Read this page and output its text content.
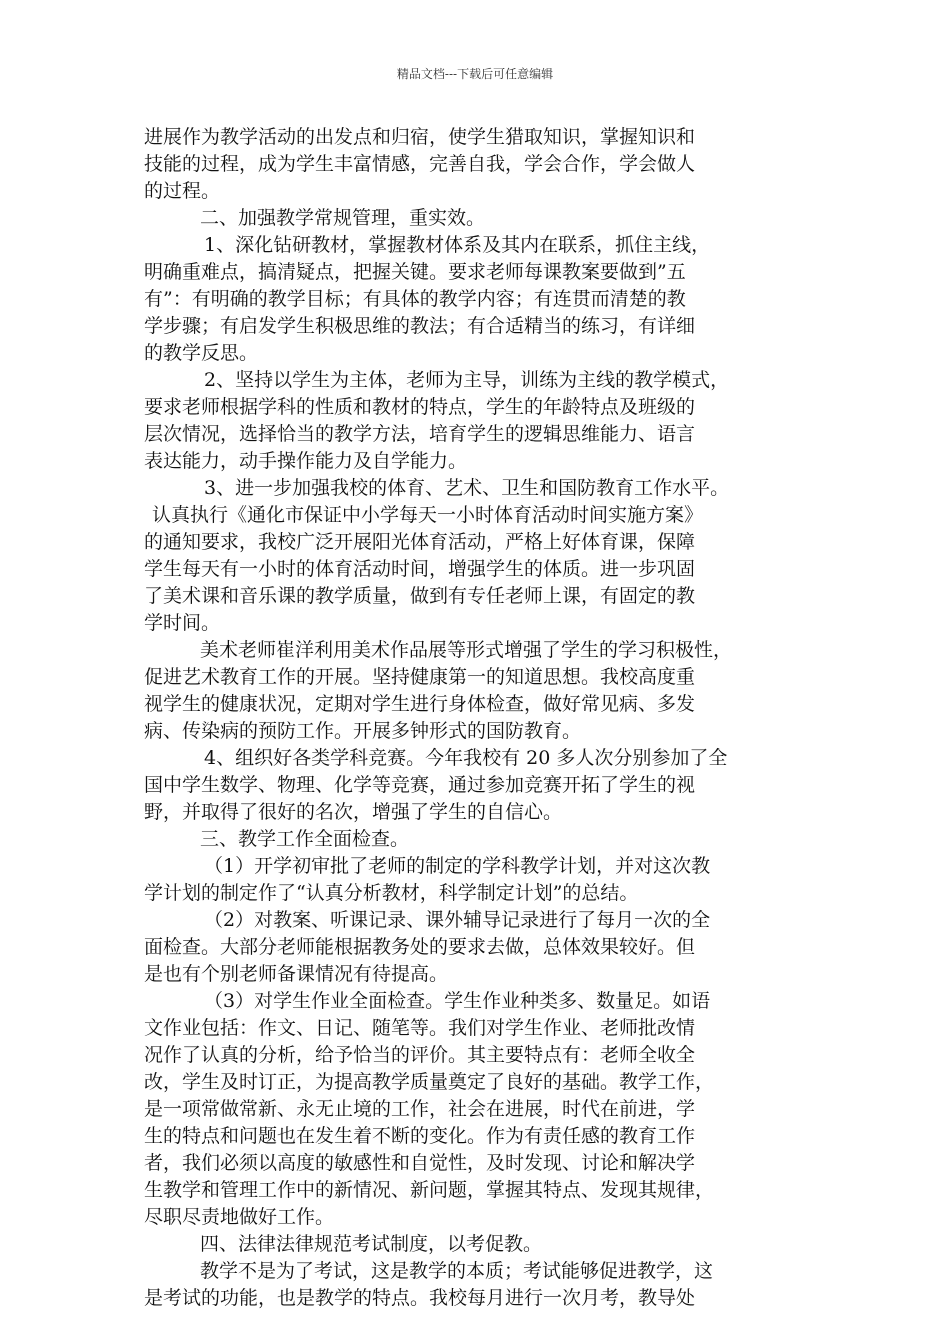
精品文档---下载后可任意编辑
进展作为教学活动的出发点和归宿，使学生猎取知识，掌握知识和
技能的过程，成为学生丰富情感，完善自我，学会合作，学会做人
的过程。
二、加强教学常规管理，重实效。
1、深化钻研教材，掌握教材体系及其内在联系，抓住主线，
明确重难点，搞清疑点，把握关键。要求老师每课教案要做到”五
有”：有明确的教学目标；有具体的教学内容；有连贯而清楚的教
学步骤；有启发学生积极思维的教法；有合适精当的练习，有详细
的教学反思。
2、坚持以学生为主体，老师为主导，训练为主线的教学模式，
要求老师根据学科的性质和教材的特点，学生的年龄特点及班级的
层次情况，选择恰当的教学方法，培育学生的逻辑思维能力、语言
表达能力，动手操作能力及自学能力。
3、进一步加强我校的体育、艺术、卫生和国防教育工作水平。
认真执行《通化市保证中小学每天一小时体育活动时间实施方案》
的通知要求，我校广泛开展阳光体育活动，严格上好体育课，保障
学生每天有一小时的体育活动时间，增强学生的体质。进一步巩固
了美术课和音乐课的教学质量，做到有专任老师上课，有固定的教
学时间。
美术老师崔洋利用美术作品展等形式增强了学生的学习积极性，
促进艺术教育工作的开展。坚持健康第一的知道思想。我校高度重
视学生的健康状况，定期对学生进行身体检查，做好常见病、多发
病、传染病的预防工作。开展多钟形式的国防教育。
4、组织好各类学科竞赛。今年我校有 20 多人次分别参加了全
国中学生数学、物理、化学等竞赛，通过参加竞赛开拓了学生的视
野，并取得了很好的名次，增强了学生的自信心。
三、教学工作全面检查。
（1）开学初审批了老师的制定的学科教学计划，并对这次教
学计划的制定作了“认真分析教材，科学制定计划”的总结。
（2）对教案、听课记录、课外辅导记录进行了每月一次的全
面检查。大部分老师能根据教务处的要求去做，总体效果较好。但
是也有个别老师备课情况有待提高。
（3）对学生作业全面检查。学生作业种类多、数量足。如语
文作业包括：作文、日记、随笔等。我们对学生作业、老师批改情
况作了认真的分析，给予恰当的评价。其主要特点有：老师全收全
改，学生及时订正，为提高教学质量奠定了良好的基础。教学工作，
是一项常做常新、永无止境的工作，社会在进展，时代在前进，学
生的特点和问题也在发生着不断的变化。作为有责任感的教育工作
者，我们必须以高度的敏感性和自觉性，及时发现、讨论和解决学
生教学和管理工作中的新情况、新问题，掌握其特点、发现其规律，
尽职尽责地做好工作。
四、法律法律规范考试制度，以考促教。
教学不是为了考试，这是教学的本质；考试能够促进教学，这
是考试的功能，也是教学的特点。我校每月进行一次月考，教导处
